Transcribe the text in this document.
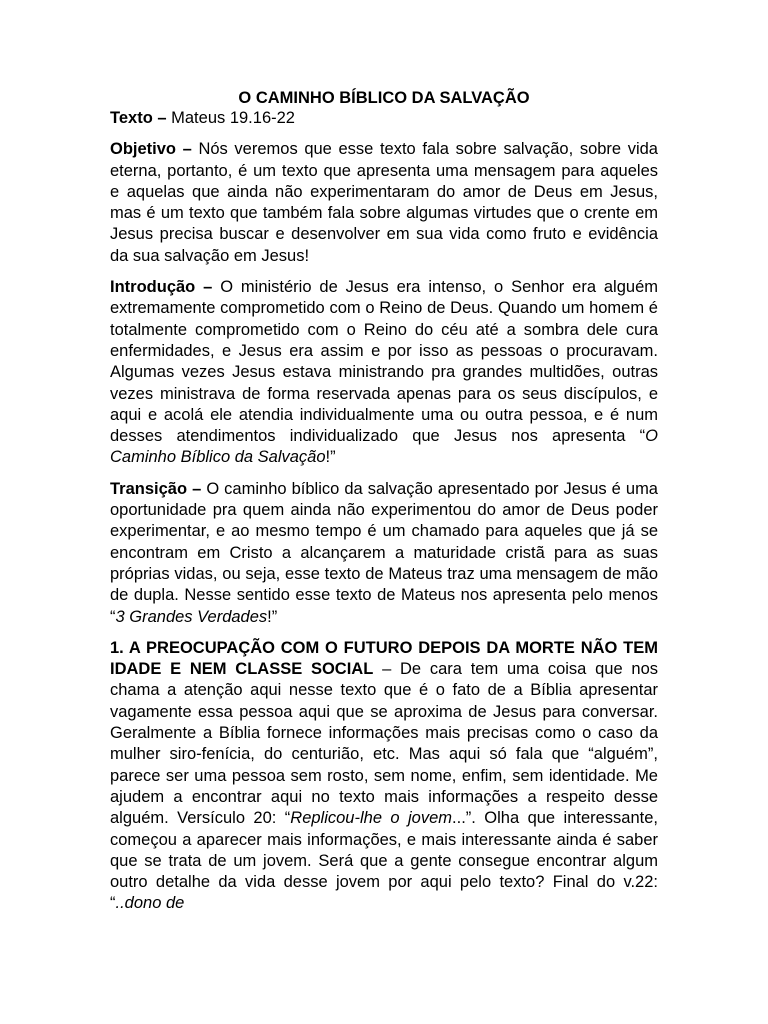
O CAMINHO BÍBLICO DA SALVAÇÃO

Texto – Mateus 19.16-22

Objetivo – Nós veremos que esse texto fala sobre salvação, sobre vida eterna, portanto, é um texto que apresenta uma mensagem para aqueles e aquelas que ainda não experimentaram do amor de Deus em Jesus, mas é um texto que também fala sobre algumas virtudes que o crente em Jesus precisa buscar e desenvolver em sua vida como fruto e evidência da sua salvação em Jesus!

Introdução – O ministério de Jesus era intenso, o Senhor era alguém extremamente comprometido com o Reino de Deus. Quando um homem é totalmente comprometido com o Reino do céu até a sombra dele cura enfermidades, e Jesus era assim e por isso as pessoas o procuravam. Algumas vezes Jesus estava ministrando pra grandes multidões, outras vezes ministrava de forma reservada apenas para os seus discípulos, e aqui e acolá ele atendia individualmente uma ou outra pessoa, e é num desses atendimentos individualizado que Jesus nos apresenta “O Caminho Bíblico da Salvação!”

Transição – O caminho bíblico da salvação apresentado por Jesus é uma oportunidade pra quem ainda não experimentou do amor de Deus poder experimentar, e ao mesmo tempo é um chamado para aqueles que já se encontram em Cristo a alcançarem a maturidade cristã para as suas próprias vidas, ou seja, esse texto de Mateus traz uma mensagem de mão de dupla. Nesse sentido esse texto de Mateus nos apresenta pelo menos “3 Grandes Verdades!”

1. A PREOCUPAÇÃO COM O FUTURO DEPOIS DA MORTE NÃO TEM IDADE E NEM CLASSE SOCIAL – De cara tem uma coisa que nos chama a atenção aqui nesse texto que é o fato de a Bíblia apresentar vagamente essa pessoa aqui que se aproxima de Jesus para conversar. Geralmente a Bíblia fornece informações mais precisas como o caso da mulher siro-fenícia, do centurião, etc. Mas aqui só fala que “alguém”, parece ser uma pessoa sem rosto, sem nome, enfim, sem identidade. Me ajudem a encontrar aqui no texto mais informações a respeito desse alguém. Versículo 20: “Replicou-lhe o jovem...”. Olha que interessante, começou a aparecer mais informações, e mais interessante ainda é saber que se trata de um jovem. Será que a gente consegue encontrar algum outro detalhe da vida desse jovem por aqui pelo texto? Final do v.22: “..dono de
